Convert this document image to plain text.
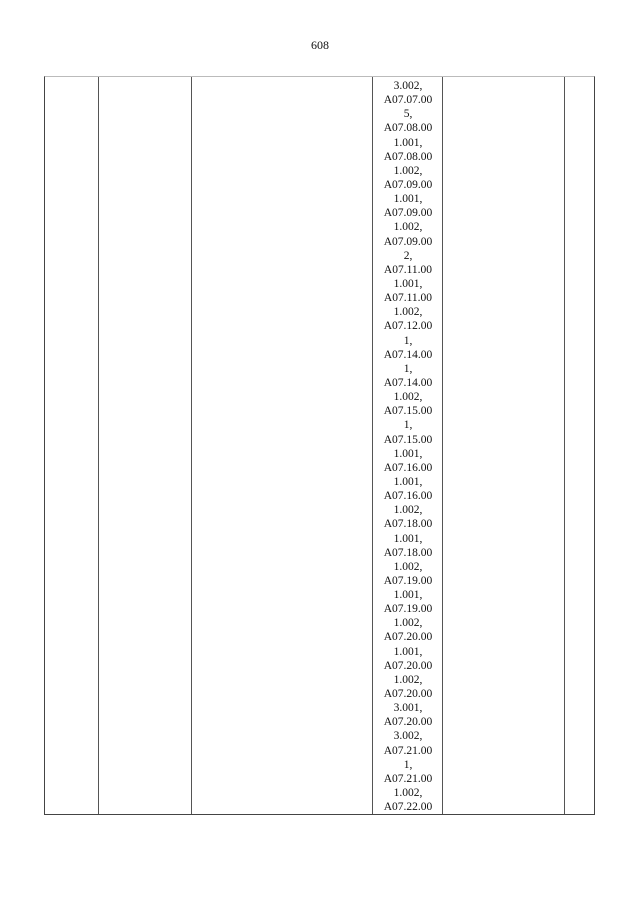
608
3.002,
A07.07.00
5,
A07.08.00
1.001,
A07.08.00
1.002,
A07.09.00
1.001,
A07.09.00
1.002,
A07.09.00
2,
A07.11.00
1.001,
A07.11.00
1.002,
A07.12.00
1,
A07.14.00
1,
A07.14.00
1.002,
A07.15.00
1,
A07.15.00
1.001,
A07.16.00
1.001,
A07.16.00
1.002,
A07.18.00
1.001,
A07.18.00
1.002,
A07.19.00
1.001,
A07.19.00
1.002,
A07.20.00
1.001,
A07.20.00
1.002,
A07.20.00
3.001,
A07.20.00
3.002,
A07.21.00
1,
A07.21.00
1.002,
A07.22.00
